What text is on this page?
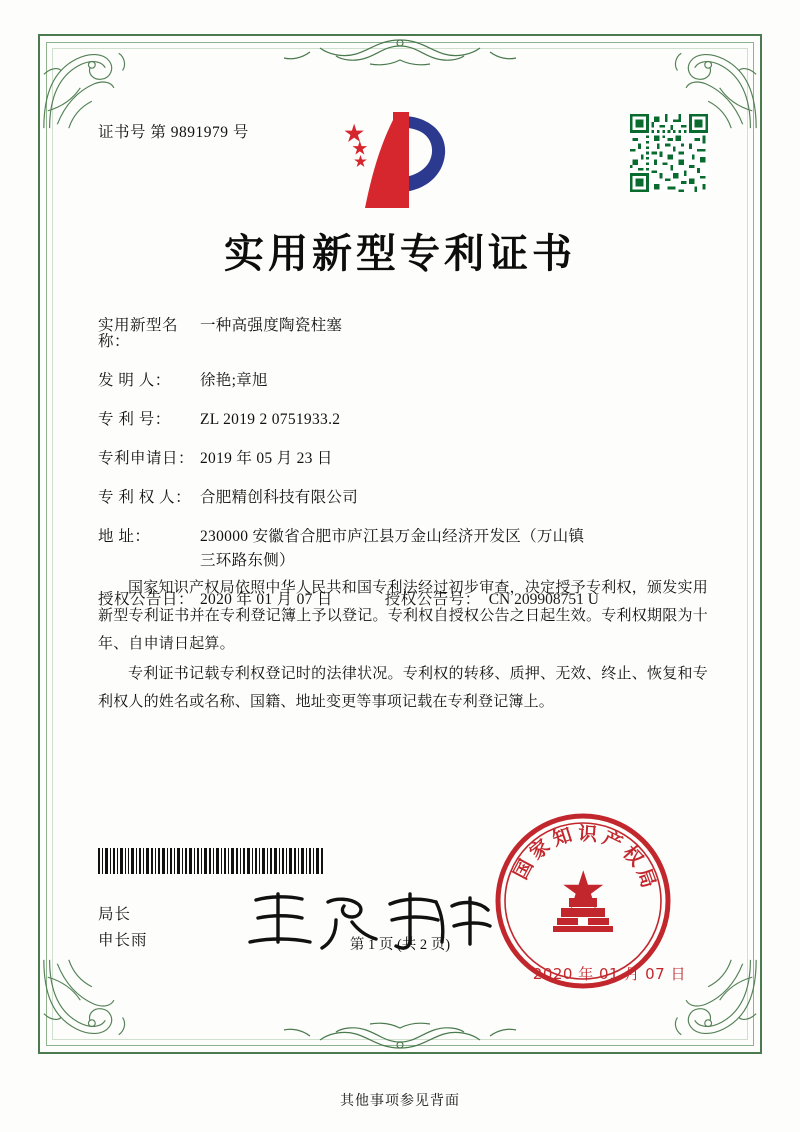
证书号 第 9891979 号
实用新型专利证书
实用新型名称：
一种高强度陶瓷柱塞
发 明 人：	徐艳;章旭
专 利 号：	ZL 2019 2 0751933.2
专利申请日： 2019 年 05 月 23 日
专 利 权 人： 合肥精创科技有限公司
地 址：	230000 安徽省合肥市庐江县万金山经济开发区（万山镇
三环路东侧）
授权公告日： 2020 年 01 月 07 日	授权公告号： CN 209908751 U

国家知识产权局依照中华人民共和国专利法经过初步审查，决定授予专利权，颁发实用新型专利证书并在专利登记簿上予以登记。专利权自授权公告之日起生效。专利权期限为十年、自申请日起算。

专利证书记载专利权登记时的法律状况。专利权的转移、质押、无效、终止、恢复和专利权人的姓名或名称、国籍、地址变更等事项记载在专利登记簿上。

局长
申长雨
国
家
知 识 产
权
局
2020 年 01 月 07 日
第 1 页 (共 2 页)
其他事项参见背面
